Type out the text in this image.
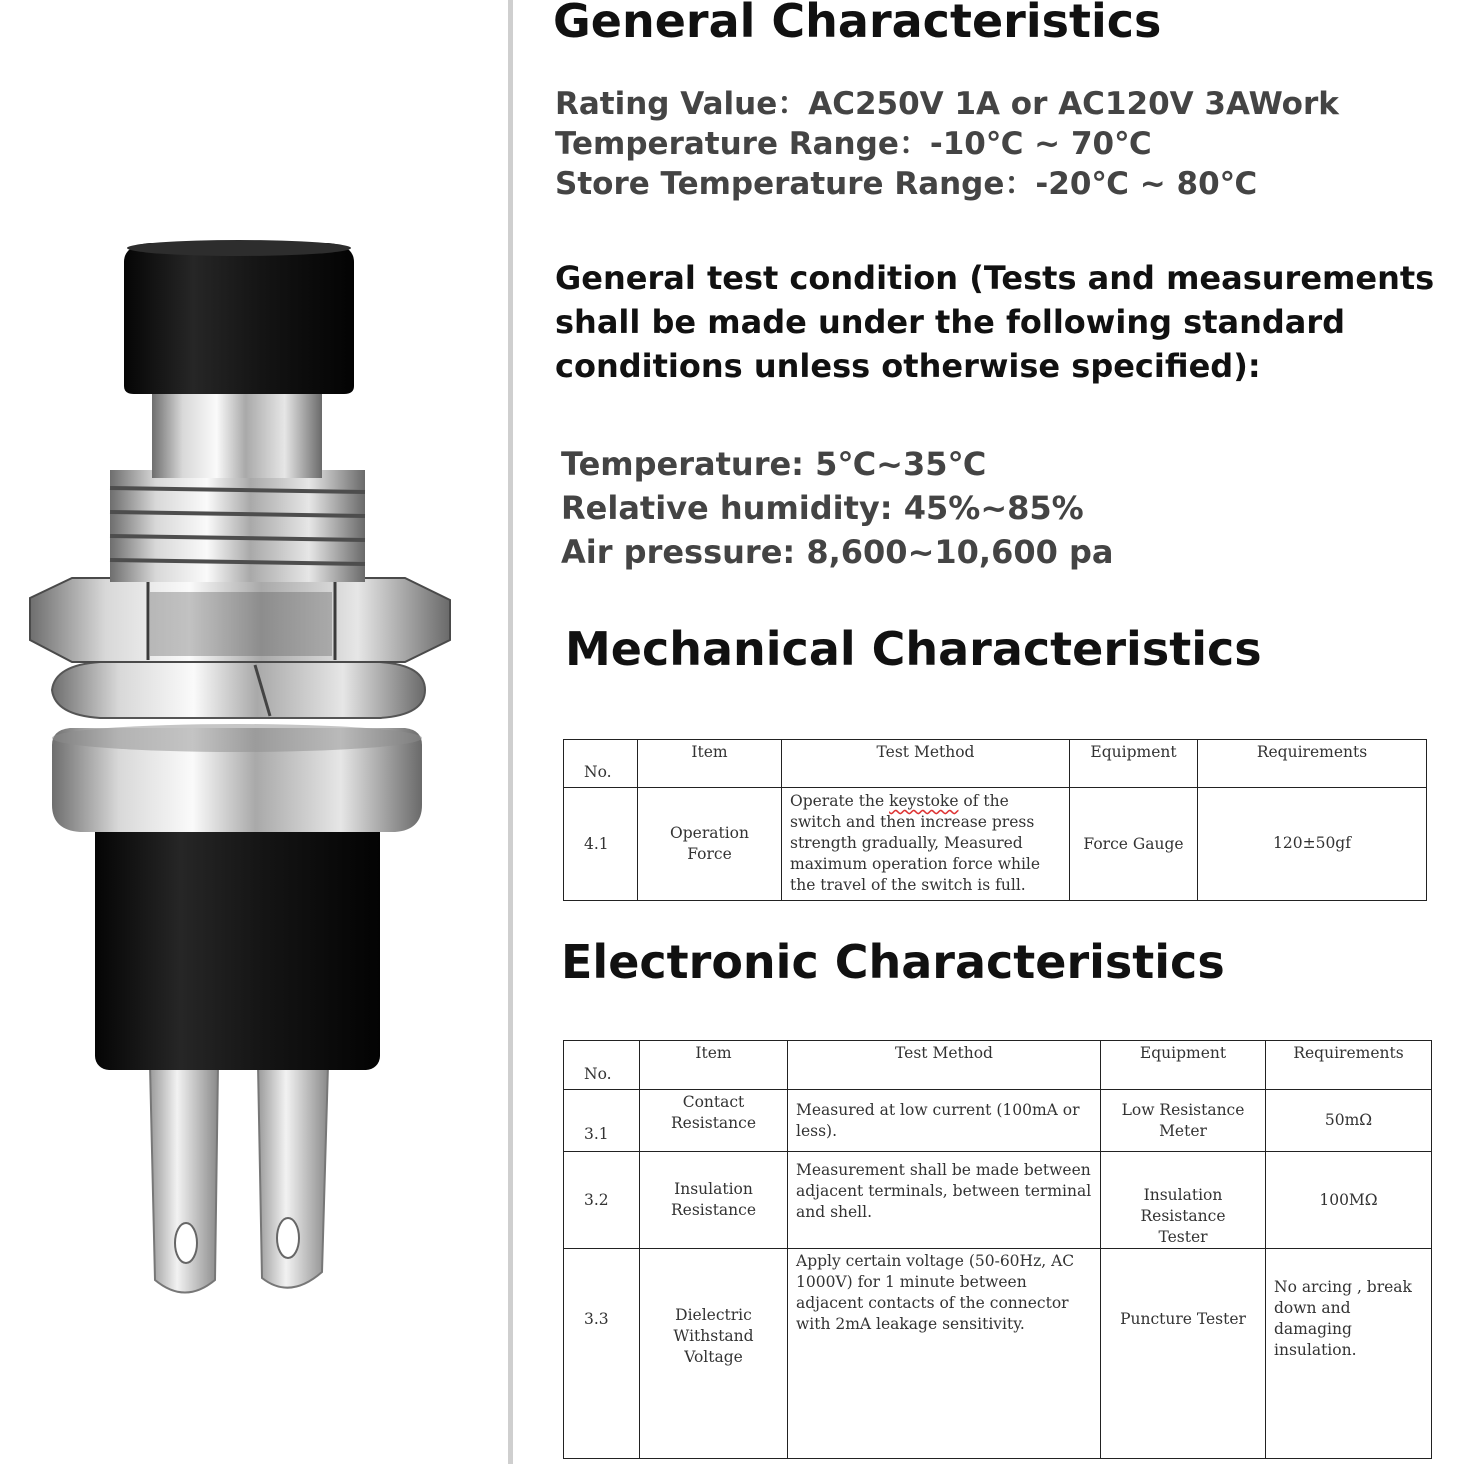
General Characteristics
Rating Value：AC250V 1A or AC120V 3AWork
Temperature Range：-10℃ ~ 70℃
Store Temperature Range：-20℃ ~ 80℃
General test condition (Tests and measurements
shall be made under the following standard
conditions unless otherwise specified):
Temperature: 5℃~35℃
Relative humidity: 45%~85%
Air pressure: 8,600~10,600 pa
Mechanical Characteristics
No.	Item	Test Method	Equipment	Requirements
4.1	Operation Force	Operate the keystoke of the switch and then increase press strength gradually, Measured maximum operation force while the travel of the switch is full.	Force Gauge	120±50gf
Electronic Characteristics
No.	Item	Test Method	Equipment	Requirements
3.1	Contact Resistance	Measured at low current (100mA or less).	Low Resistance Meter	50mΩ
3.2	Insulation Resistance	Measurement shall be made between adjacent terminals, between terminal and shell.	Insulation Resistance Tester	100MΩ
3.3	Dielectric Withstand Voltage	Apply certain voltage (50-60Hz, AC 1000V) for 1 minute between adjacent contacts of the connector with 2mA leakage sensitivity.	Puncture Tester	No arcing , break down and damaging insulation.
